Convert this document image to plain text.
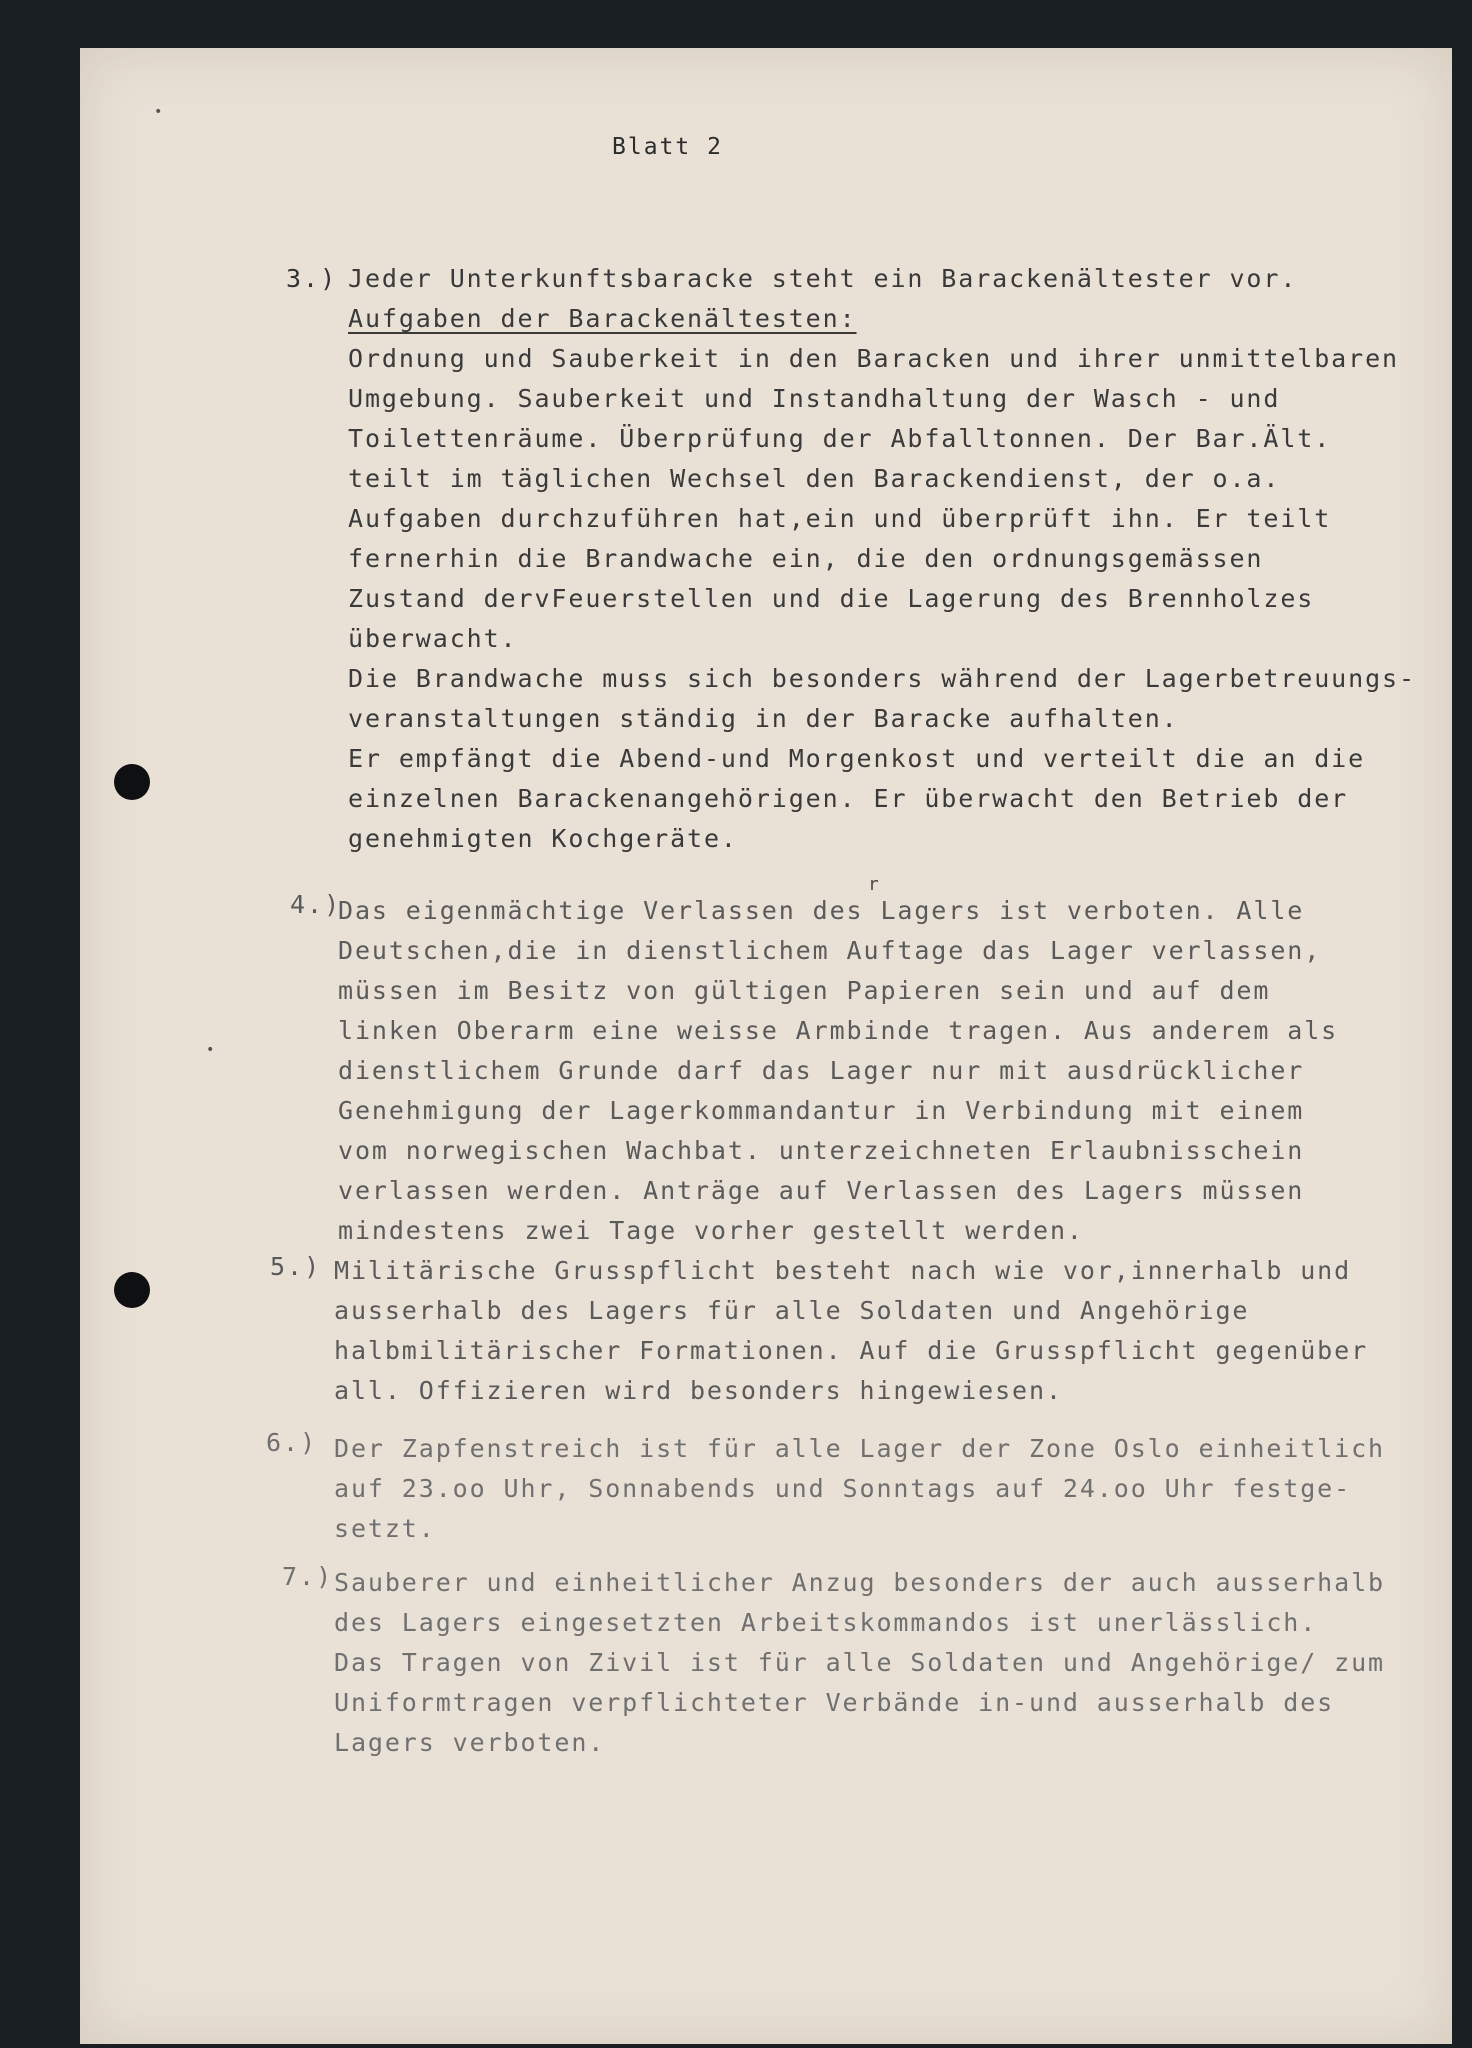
•
•
Blatt 2
3.) Jeder Unterkunftsbaracke steht ein Barackenältester vor.
Aufgaben der Barackenältesten:
Ordnung und Sauberkeit in den Baracken und ihrer unmittelbaren
Umgebung. Sauberkeit und Instandhaltung der Wasch - und
Toilettenräume. Überprüfung der Abfalltonnen. Der Bar.Ält.
teilt im täglichen Wechsel den Barackendienst, der o.a.
Aufgaben durchzuführen hat,ein und überprüft ihn. Er teilt
fernerhin die Brandwache ein, die den ordnungsgemässen
Zustand dervFeuerstellen und die Lagerung des Brennholzes
überwacht.
Die Brandwache muss sich besonders während der Lagerbetreuungs-
veranstaltungen ständig in der Baracke aufhalten.
Er empfängt die Abend-und Morgenkost und verteilt die an die
einzelnen Barackenangehörigen. Er überwacht den Betrieb der
genehmigten Kochgeräte.
4.)
r
Das eigenmächtige Verlassen des Lagers ist verboten. Alle
Deutschen,die in dienstlichem Auftage das Lager verlassen,
müssen im Besitz von gültigen Papieren sein und auf dem
linken Oberarm eine weisse Armbinde tragen. Aus anderem als
dienstlichem Grunde darf das Lager nur mit ausdrücklicher
Genehmigung der Lagerkommandantur in Verbindung mit einem
vom norwegischen Wachbat. unterzeichneten Erlaubnisschein
verlassen werden. Anträge auf Verlassen des Lagers müssen
mindestens zwei Tage vorher gestellt werden.
5.) Militärische Grusspflicht besteht nach wie vor,innerhalb und
ausserhalb des Lagers für alle Soldaten und Angehörige
halbmilitärischer Formationen. Auf die Grusspflicht gegenüber
all. Offizieren wird besonders hingewiesen.
6.) Der Zapfenstreich ist für alle Lager der Zone Oslo einheitlich
auf 23.oo Uhr, Sonnabends und Sonntags auf 24.oo Uhr festge-
setzt.
7.) Sauberer und einheitlicher Anzug besonders der auch ausserhalb
des Lagers eingesetzten Arbeitskommandos ist unerlässlich.
Das Tragen von Zivil ist für alle Soldaten und Angehörige/ zum
Uniformtragen verpflichteter Verbände in-und ausserhalb des
Lagers verboten.
